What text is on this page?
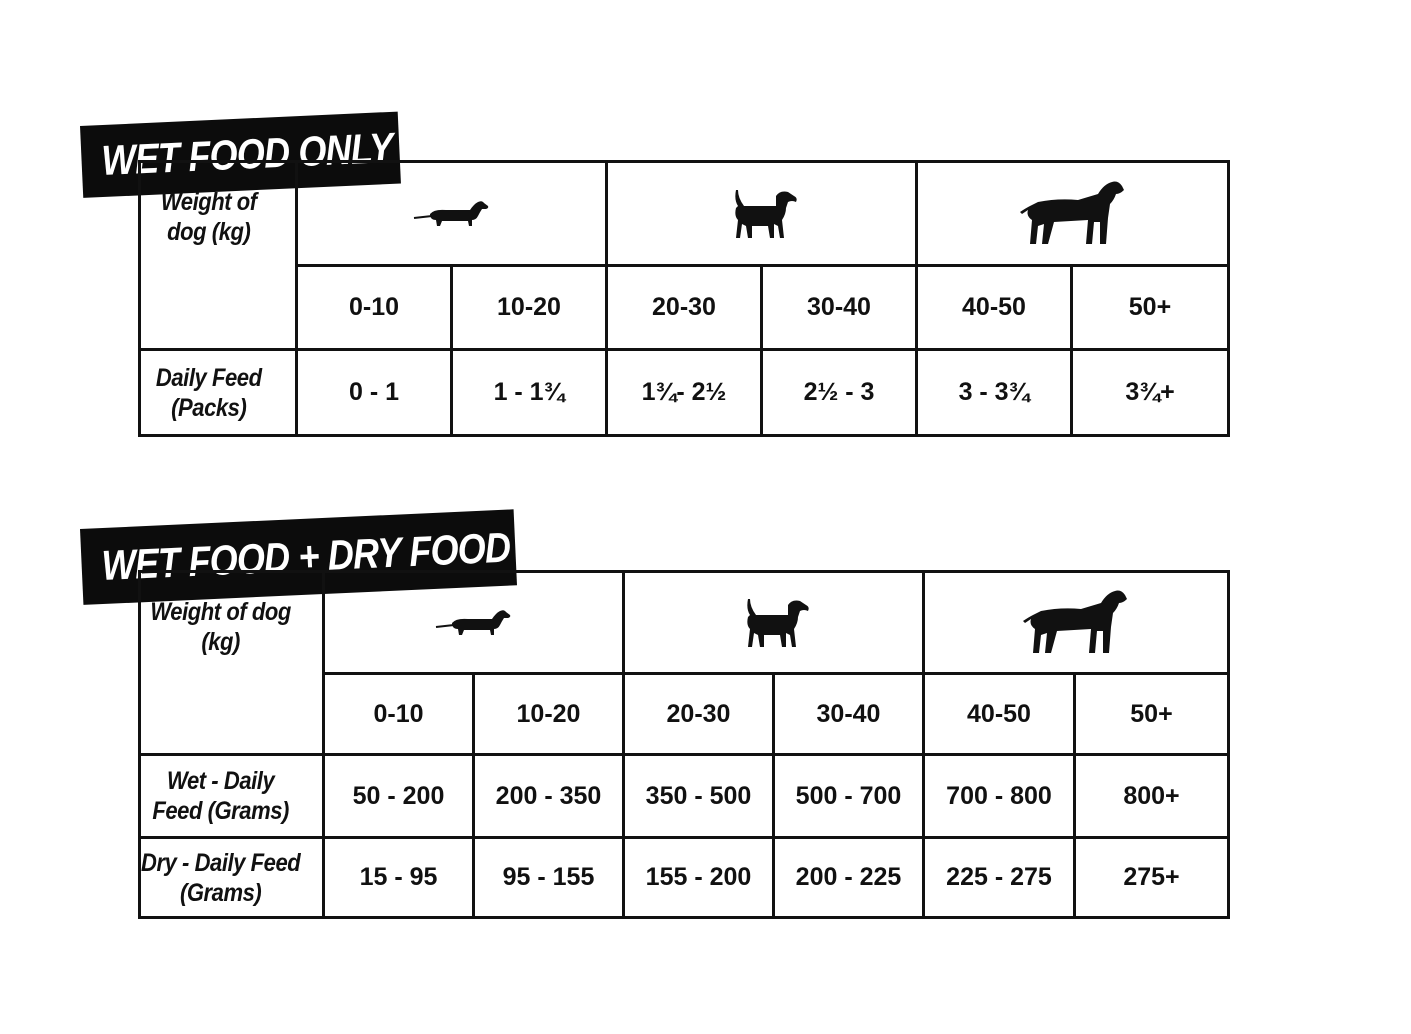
WET FOOD ONLY
Weight of dog (kg)	

	0-10	10-20	20-30	30-40	40-50	50+
Daily Feed (Packs)	0 - 1	1 - 1¾	1¾- 2½	2½ - 3	3 - 3¾	3¾+
WET FOOD + DRY FOOD
Weight of dog (kg)	

	0-10	10-20	20-30	30-40	40-50	50+
Wet - Daily Feed (Grams)	50 - 200	200 - 350	350 - 500	500 - 700	700 - 800	800+
Dry - Daily Feed (Grams)	15 - 95	95 - 155	155 - 200	200 - 225	225 - 275	275+
